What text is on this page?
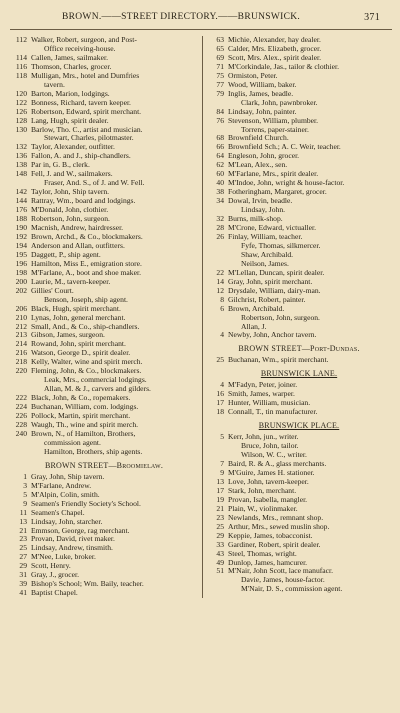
BROWN.——STREET DIRECTORY.——BRUNSWICK.	371
112 Walker, Robert, surgeon, and Post-
Office receiving-house.
114 Callen, James, sailmaker.
116 Thomson, Charles, grocer.
118 Mulligan, Mrs., hotel and Dumfries
tavern.
120 Barton, Marion, lodgings.
122 Bonness, Richard, tavern keeper.
126 Robertson, Edward, spirit merchant.
128 Lang, Hugh, spirit dealer.
130 Barlow, Tho. C., artist and musician.
Stewart, Charles, pilotmaster.
132 Taylor, Alexander, outfitter.
136 Fallon, A. and J., ship-chandlers.
138 Par in, G. B., clerk.
148 Fell, J. and W., sailmakers.
Fraser, And. S., of J. and W. Fell.
142 Taylor, John, Ship tavern.
144 Rattray, Wm., board and lodgings.
176 M'Donald, John, clothier.
188 Robertson, John, surgeon.
190 Macnish, Andrew, hairdresser.
192 Brown, Archd., & Co., blockmakers.
194 Anderson and Allan, outfitters.
195 Daggett, P., ship agent.
196 Hamilton, Miss E., emigration store.
198 M'Farlane, A., boot and shoe maker.
200 Laurie, M., tavern-keeper.
202 Gillies' Court.
Benson, Joseph, ship agent.
206 Black, Hugh, spirit merchant.
210 Lynas, John, general merchant.
212 Small, And., & Co., ship-chandlers.
213 Gibson, James, surgeon.
214 Rowand, John, spirit merchant.
216 Watson, George D., spirit dealer.
218 Kelly, Walter, wine and spirit merch.
220 Fleming, John, & Co., blockmakers.
Leak, Mrs., commercial lodgings.
Allan, M. & J., carvers and gilders.
222 Black, John, & Co., ropemakers.
224 Buchanan, William, com. lodgings.
226 Pollock, Martin, spirit merchant.
228 Waugh, Th., wine and spirit merch.
240 Brown, N., of Hamilton, Brothers,
commission agent.
Hamilton, Brothers, ship agents.
BROWN STREET—Broomielaw.
1 Gray, John, Ship tavern.
3 M'Farlane, Andrew.
5 M'Alpin, Colin, smith.
9 Seamen's Friendly Society's School.
11 Seamen's Chapel.
13 Lindsay, John, starcher.
21 Emmson, George, rag merchant.
23 Provan, David, rivet maker.
25 Lindsay, Andrew, tinsmith.
27 M'Nee, Luke, broker.
29 Scott, Henry.
31 Gray, J., grocer.
39 Bishop's School; Wm. Baily, teacher.
41 Baptist Chapel.
63 Michie, Alexander, hay dealer.
65 Calder, Mrs. Elizabeth, grocer.
69 Scott, Mrs. Alex., spirit dealer.
71 M'Corkindale, Jas., tailor & clothier.
75 Ormiston, Peter.
77 Wood, William, baker.
79 Inglis, James, beadle.
Clark, John, pawnbroker.
84 Lindsay, John, painter.
76 Stevenson, William, plumber.
Torrens, paper-stainer.
68 Brownfield Church.
66 Brownfield Sch.; A. C. Weir, teacher.
64 Engleson, John, grocer.
62 M'Lean, Alex., sen.
60 M'Farlane, Mrs., spirit dealer.
40 M'Indoe, John, wright & house-factor.
38 Fotheringham, Margaret, grocer.
34 Dowal, Irvin, beadle.
Lindsay, John.
32 Burns, milk-shop.
28 M'Crone, Edward, victualler.
26 Finlay, William, teacher.
Fyfe, Thomas, silkmercer.
Shaw, Archibald.
Neilson, James.
22 M'Lellan, Duncan, spirit dealer.
14 Gray, John, spirit merchant.
12 Drysdale, William, dairy-man.
8 Gilchrist, Robert, painter.
6 Brown, Archibald.
Robertson, John, surgeon.
Allan, J.
4 Newby, John, Anchor tavern.
BROWN STREET—Port-Dundas.
25 Buchanan, Wm., spirit merchant.
BRUNSWICK LANE.
4 M'Fadyn, Peter, joiner.
16 Smith, James, warper.
17 Hunter, William, musician.
18 Connall, T., tin manufacturer.
BRUNSWICK PLACE.
5 Kerr, John, jun., writer.
Bruce, John, tailor.
Wilson, W. C., writer.
7 Baird, R. & A., glass merchants.
9 M'Guire, James H. stationer.
13 Love, John, tavern-keeper.
17 Stark, John, merchant.
19 Provan, Isabella, mangler.
21 Plain, W., violinmaker.
23 Newlands, Mrs., remnant shop.
25 Arthur, Mrs., sewed muslin shop.
29 Keppie, James, tobacconist.
33 Gardiner, Robert, spirit dealer.
43 Steel, Thomas, wright.
49 Dunlop, James, hamcurer.
51 M'Nair, John Scott, lace manufacr.
Davie, James, house-factor.
M'Nair, D. S., commission agent.
